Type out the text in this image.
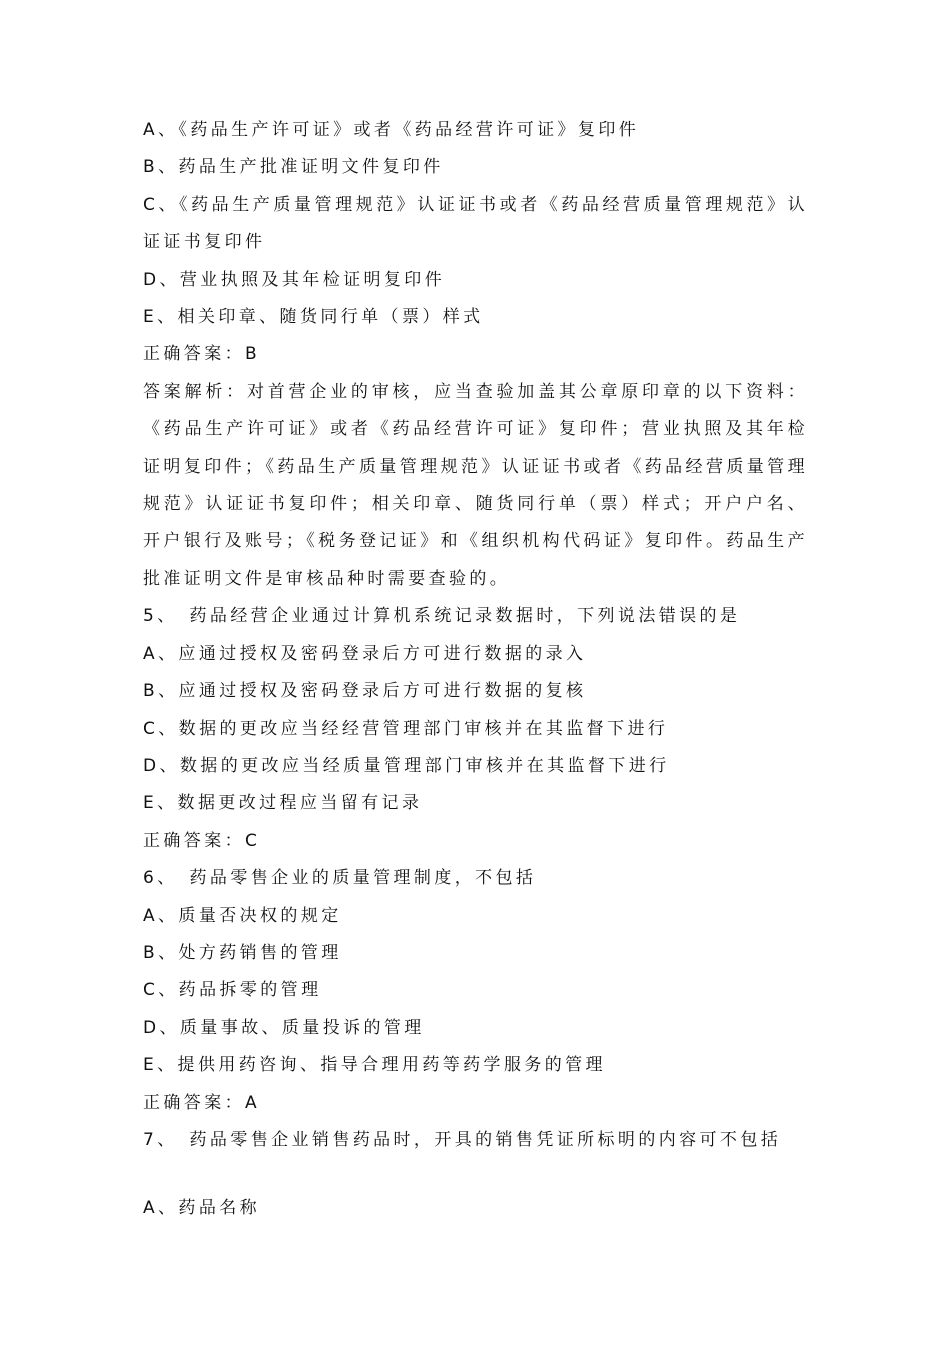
A、《药品生产许可证》或者《药品经营许可证》复印件

B、药品生产批准证明文件复印件

C、《药品生产质量管理规范》认证证书或者《药品经营质量管理规范》认证证书复印件

D、营业执照及其年检证明复印件

E、相关印章、随货同行单（票）样式

正确答案：B

答案解析：对首营企业的审核，应当查验加盖其公章原印章的以下资料：《药品生产许可证》或者《药品经营许可证》复印件；营业执照及其年检证明复印件；《药品生产质量管理规范》认证证书或者《药品经营质量管理规范》认证证书复印件；相关印章、随货同行单（票）样式；开户户名、开户银行及账号；《税务登记证》和《组织机构代码证》复印件。药品生产批准证明文件是审核品种时需要查验的。

5、　药品经营企业通过计算机系统记录数据时，下列说法错误的是

A、应通过授权及密码登录后方可进行数据的录入

B、应通过授权及密码登录后方可进行数据的复核

C、数据的更改应当经经营管理部门审核并在其监督下进行

D、数据的更改应当经质量管理部门审核并在其监督下进行

E、数据更改过程应当留有记录

正确答案：C

6、　药品零售企业的质量管理制度，不包括

A、质量否决权的规定

B、处方药销售的管理

C、药品拆零的管理

D、质量事故、质量投诉的管理

E、提供用药咨询、指导合理用药等药学服务的管理

正确答案：A

7、　药品零售企业销售药品时，开具的销售凭证所标明的内容可不包括

A、药品名称
